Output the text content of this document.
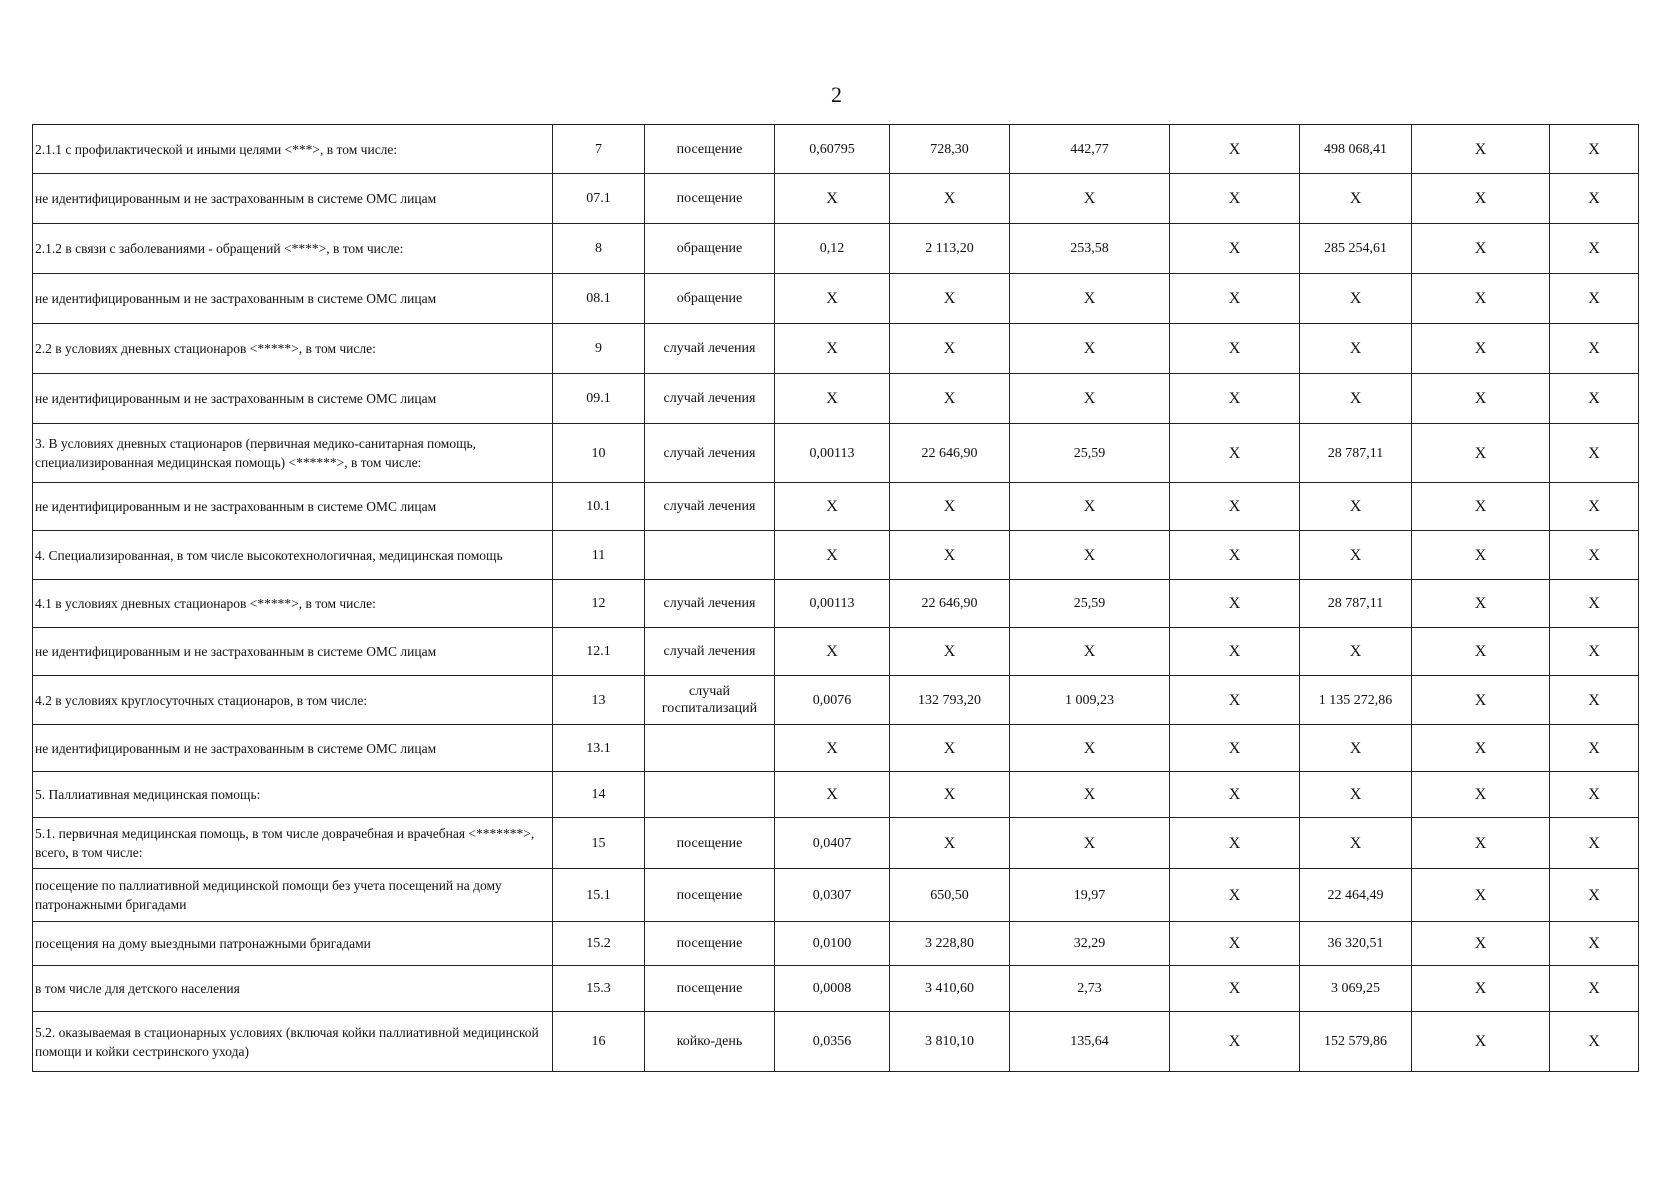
2
2.1.1 с профилактической и иными целями <***>, в том числе:	7	посещение	0,60795	728,30	442,77	X	498 068,41	X	X
не идентифицированным и не застрахованным в системе ОМС лицам	07.1	посещение	X	X	X	X	X	X	X
2.1.2 в связи с заболеваниями - обращений <****>, в том числе:	8	обращение	0,12	2 113,20	253,58	X	285 254,61	X	X
не идентифицированным и не застрахованным в системе ОМС лицам	08.1	обращение	X	X	X	X	X	X	X
2.2 в условиях дневных стационаров <*****>, в том числе:	9	случай лечения	X	X	X	X	X	X	X
не идентифицированным и не застрахованным в системе ОМС лицам	09.1	случай лечения	X	X	X	X	X	X	X
3. В условиях дневных стационаров (первичная медико-санитарная помощь, специализированная медицинская помощь) <******>, в том числе:	10	случай лечения	0,00113	22 646,90	25,59	X	28 787,11	X	X
не идентифицированным и не застрахованным в системе ОМС лицам	10.1	случай лечения	X	X	X	X	X	X	X
4. Специализированная, в том числе высокотехнологичная, медицинская помощь	11		X	X	X	X	X	X	X
4.1 в условиях дневных стационаров <*****>, в том числе:	12	случай лечения	0,00113	22 646,90	25,59	X	28 787,11	X	X
не идентифицированным и не застрахованным в системе ОМС лицам	12.1	случай лечения	X	X	X	X	X	X	X
4.2 в условиях круглосуточных стационаров, в том числе:	13	случай госпитализаций	0,0076	132 793,20	1 009,23	X	1 135 272,86	X	X
не идентифицированным и не застрахованным в системе ОМС лицам	13.1		X	X	X	X	X	X	X
5. Паллиативная медицинская помощь:	14		X	X	X	X	X	X	X
5.1. первичная медицинская помощь, в том числе доврачебная и врачебная <*******>, всего, в том числе:	15	посещение	0,0407	X	X	X	X	X	X
посещение по паллиативной медицинской помощи без учета посещений на дому патронажными бригадами	15.1	посещение	0,0307	650,50	19,97	X	22 464,49	X	X
посещения на дому выездными патронажными бригадами	15.2	посещение	0,0100	3 228,80	32,29	X	36 320,51	X	X
в том числе для детского населения	15.3	посещение	0,0008	3 410,60	2,73	X	3 069,25	X	X
5.2. оказываемая в стационарных условиях (включая койки паллиативной медицинской помощи и койки сестринского ухода)	16	койко-день	0,0356	3 810,10	135,64	X	152 579,86	X	X
